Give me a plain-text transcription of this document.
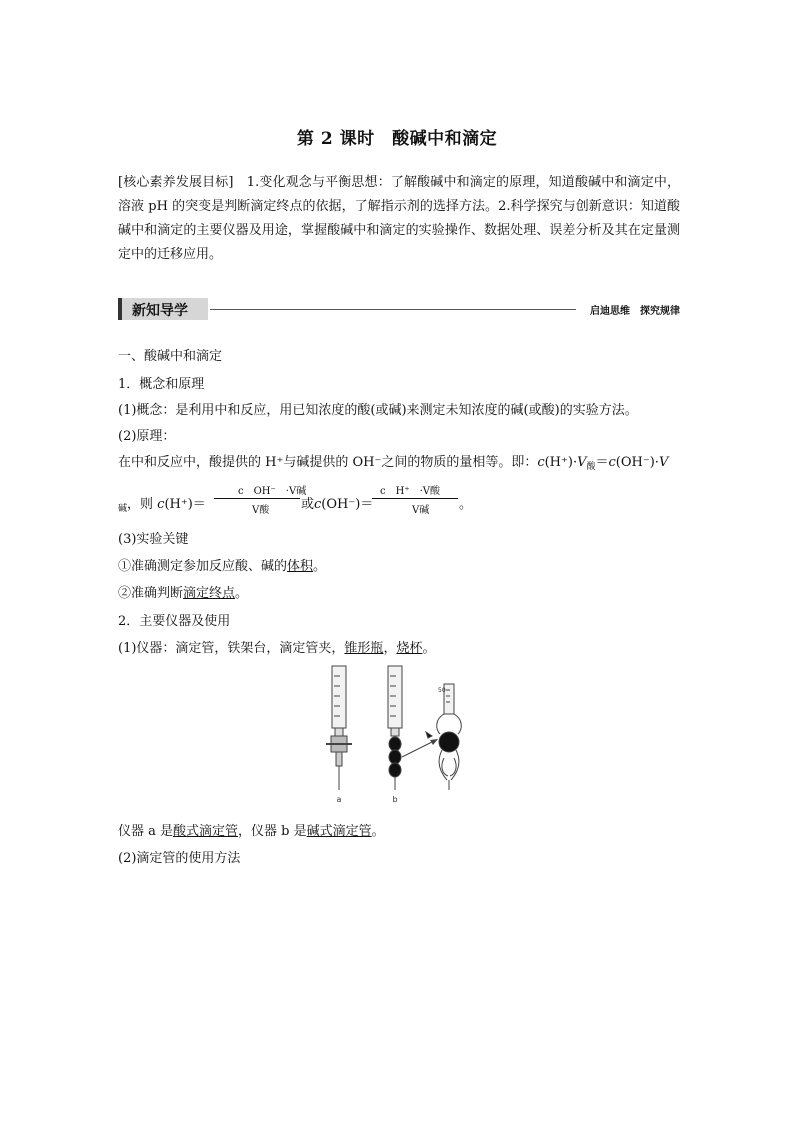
第 2 课时　酸碱中和滴定
[核心素养发展目标]　1.变化观念与平衡思想：了解酸碱中和滴定的原理，知道酸碱中和滴定中，溶液 pH 的突变是判断滴定终点的依据，了解指示剂的选择方法。2.科学探究与创新意识：知道酸碱中和滴定的主要仪器及用途，掌握酸碱中和滴定的实验操作、数据处理、误差分析及其在定量测定中的迁移应用。
新知导学	启迪思维　探究规律
一、酸碱中和滴定
1．概念和原理
(1)概念：是利用中和反应，用已知浓度的酸(或碱)来测定未知浓度的碱(或酸)的实验方法。
(2)原理：
在中和反应中，酸提供的 H⁺与碱提供的 OH⁻之间的物质的量相等。即：$c(H^+)\cdot V_酸=c(OH^-)\cdot V$
$_碱$，则 c(H⁺)＝
c　OH⁻　·V碱
V酸 或c(OH⁻)＝
c　H⁺　·V酸
V碱 。
(3)实验关键
①准确测定参加反应酸、碱的体积。
②准确判断滴定终点。
2．主要仪器及使用
(1)仪器：滴定管，铁架台，滴定管夹，锥形瓶，烧杯。
a	b
50
仪器 a 是酸式滴定管，仪器 b 是碱式滴定管。
(2)滴定管的使用方法
